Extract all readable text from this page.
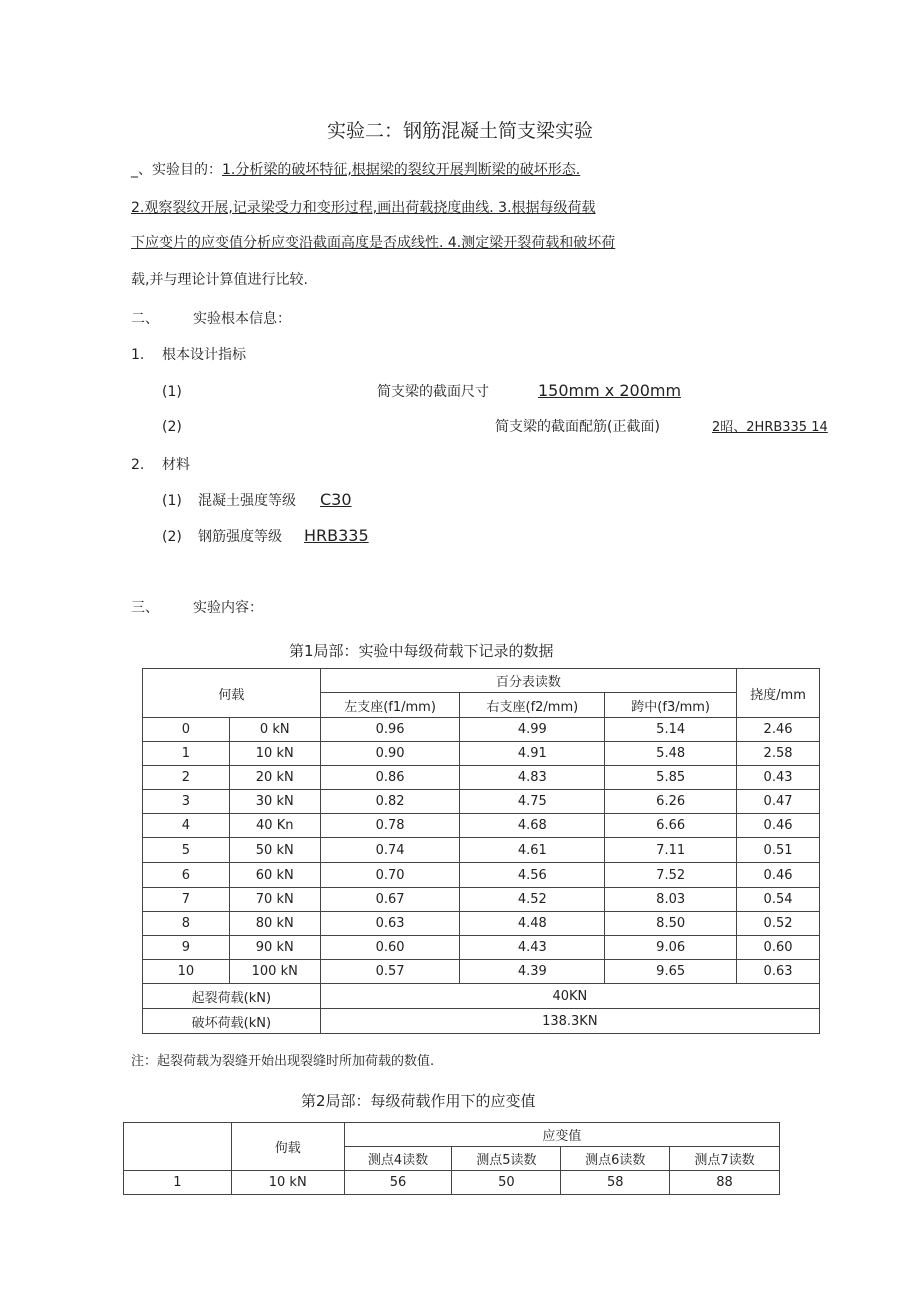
实验二：钢筋混凝土简支梁实验
_、实验目的：1.分析梁的破坏特征,根据梁的裂纹开展判断梁的破坏形态.
2.观察裂纹开展,记录梁受力和变形过程,画出荷载挠度曲线. 3.根据每级荷载
下应变片的应变值分析应变沿截面高度是否成线性. 4.测定梁开裂荷载和破坏荷
载,并与理论计算值进行比较.
二、 实验根本信息：
1. 根本设计指标
(1)	简支梁的截面尺寸	150mm x 200mm
(2)	简支梁的截面配筋(正截面)	2昭、2HRB335 14
2. 材料
(1) 混凝土强度等级 C30
(2) 钢筋强度等级 HRB335
三、 实验内容：
第1局部：实验中每级荷载下记录的数据
何载		百分表读数			挠度/mm
		左支座(f1/mm)	右支座(f2/mm)	跨中(f3/mm)	
0	0 kN	0.96	4.99	5.14	2.46
1	10 kN	0.90	4.91	5.48	2.58
2	20 kN	0.86	4.83	5.85	0.43
3	30 kN	0.82	4.75	6.26	0.47
4	40 Kn	0.78	4.68	6.66	0.46
5	50 kN	0.74	4.61	7.11	0.51
6	60 kN	0.70	4.56	7.52	0.46
7	70 kN	0.67	4.52	8.03	0.54
8	80 kN	0.63	4.48	8.50	0.52
9	90 kN	0.60	4.43	9.06	0.60
10	100 kN	0.57	4.39	9.65	0.63
起裂荷载(kN)		40KN			
破坏荷载(kN)		138.3KN			
注：起裂荷载为裂缝开始出现裂缝时所加荷载的数值.
第2局部：每级荷载作用下的应变值
	佝载	应变值			
		测点4读数	测点5读数	测点6读数	测点7读数
1	10 kN	56	50	58	88
